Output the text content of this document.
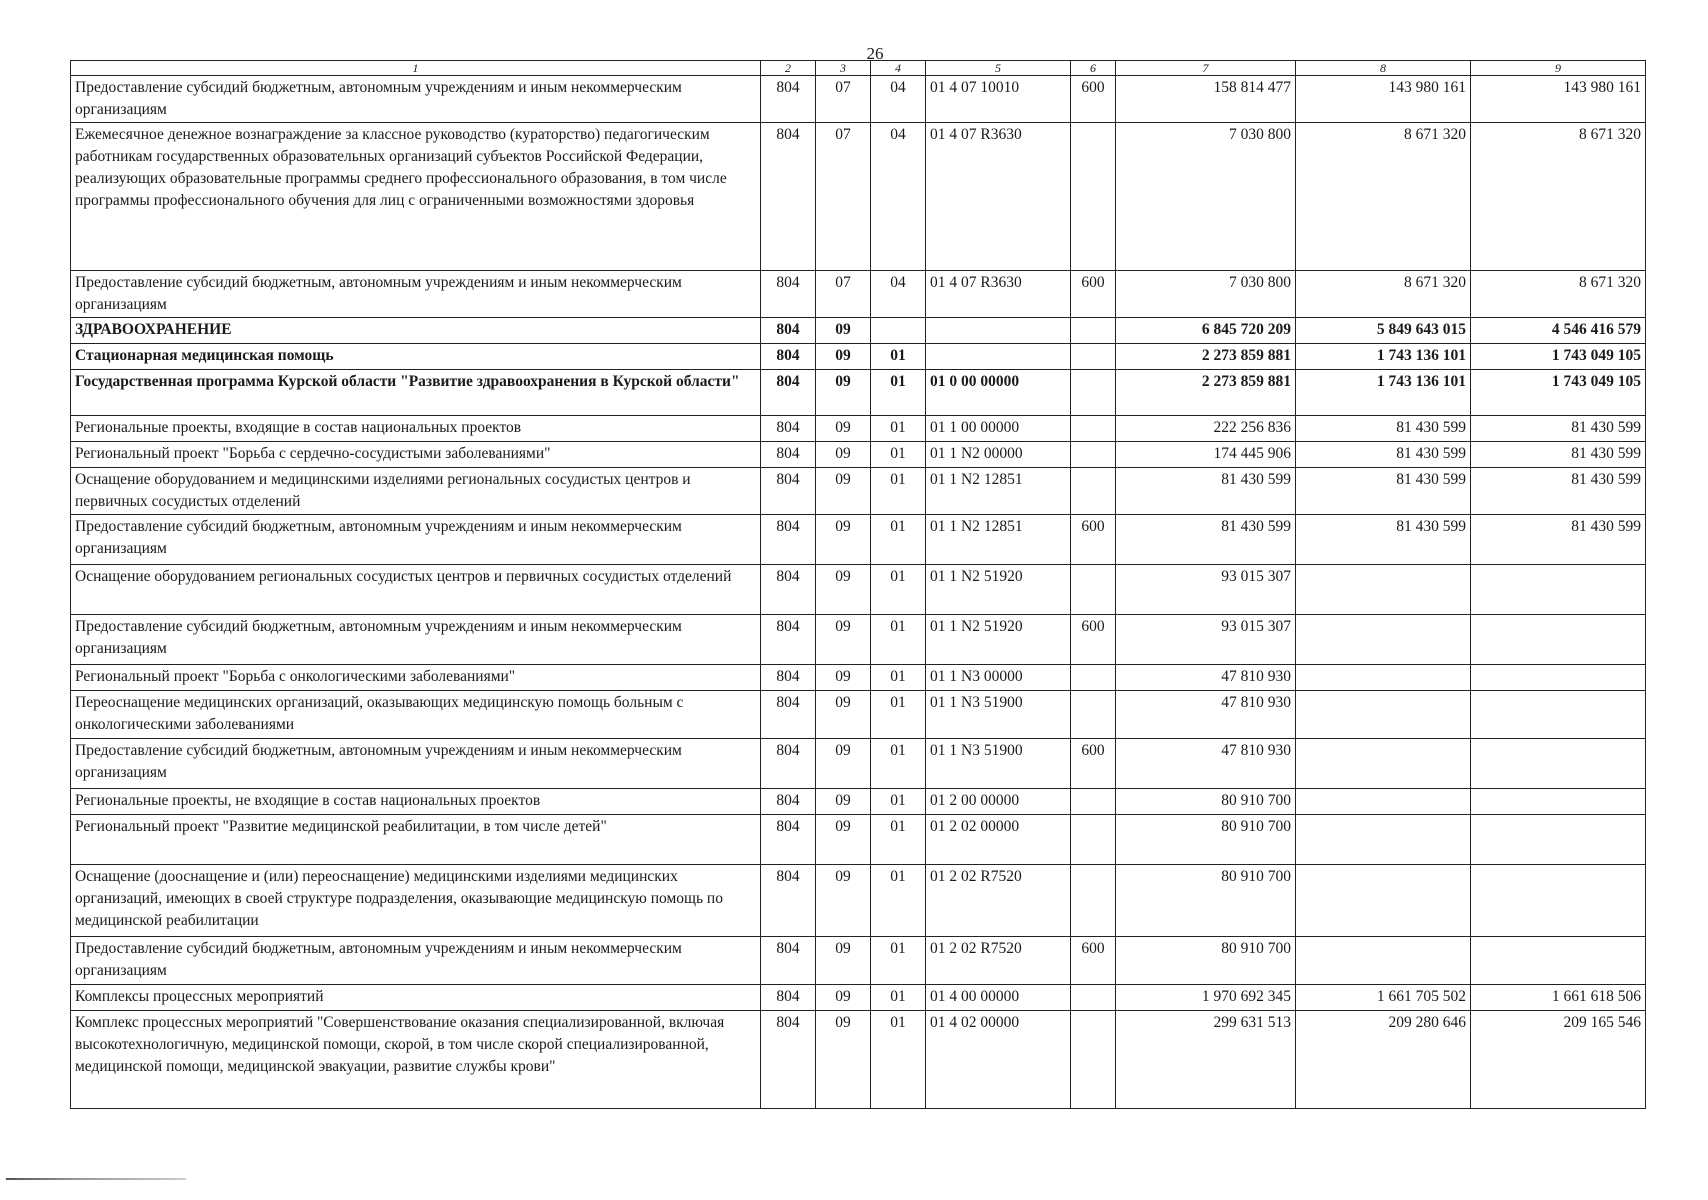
26
1	2	3	4	5	6	7	8	9
Предоставление субсидий бюджетным, автономным учреждениям и иным некоммерческим организациям	804	07	04	01 4 07 10010	600	158 814 477	143 980 161	143 980 161
Ежемесячное денежное вознаграждение за классное руководство (кураторство) педагогическим работникам государственных образовательных организаций субъектов Российской Федерации, реализующих образовательные программы среднего профессионального образования, в том числе программы профессионального обучения для лиц с ограниченными возможностями здоровья	804	07	04	01 4 07 R3630		7 030 800	8 671 320	8 671 320
Предоставление субсидий бюджетным, автономным учреждениям и иным некоммерческим организациям	804	07	04	01 4 07 R3630	600	7 030 800	8 671 320	8 671 320
ЗДРАВООХРАНЕНИЕ	804	09				6 845 720 209	5 849 643 015	4 546 416 579
Стационарная медицинская помощь	804	09	01			2 273 859 881	1 743 136 101	1 743 049 105
Государственная программа Курской области "Развитие здравоохранения в Курской области"	804	09	01	01 0 00 00000		2 273 859 881	1 743 136 101	1 743 049 105
Региональные проекты, входящие в состав национальных проектов	804	09	01	01 1 00 00000		222 256 836	81 430 599	81 430 599
Региональный проект "Борьба с сердечно-сосудистыми заболеваниями"	804	09	01	01 1 N2 00000		174 445 906	81 430 599	81 430 599
Оснащение оборудованием и медицинскими изделиями региональных сосудистых центров и первичных сосудистых отделений	804	09	01	01 1 N2 12851		81 430 599	81 430 599	81 430 599
Предоставление субсидий бюджетным, автономным учреждениям и иным некоммерческим организациям	804	09	01	01 1 N2 12851	600	81 430 599	81 430 599	81 430 599
Оснащение оборудованием региональных сосудистых центров и первичных сосудистых отделений	804	09	01	01 1 N2 51920		93 015 307		
Предоставление субсидий бюджетным, автономным учреждениям и иным некоммерческим организациям	804	09	01	01 1 N2 51920	600	93 015 307		
Региональный проект "Борьба с онкологическими заболеваниями"	804	09	01	01 1 N3 00000		47 810 930		
Переоснащение медицинских организаций, оказывающих медицинскую помощь больным с онкологическими заболеваниями	804	09	01	01 1 N3 51900		47 810 930		
Предоставление субсидий бюджетным, автономным учреждениям и иным некоммерческим организациям	804	09	01	01 1 N3 51900	600	47 810 930		
Региональные проекты, не входящие в состав национальных проектов	804	09	01	01 2 00 00000		80 910 700		
Региональный проект "Развитие медицинской реабилитации, в том числе детей"	804	09	01	01 2 02 00000		80 910 700		
Оснащение (дооснащение и (или) переоснащение) медицинскими изделиями медицинских организаций, имеющих в своей структуре подразделения, оказывающие медицинскую помощь по медицинской реабилитации	804	09	01	01 2 02 R7520		80 910 700		
Предоставление субсидий бюджетным, автономным учреждениям и иным некоммерческим организациям	804	09	01	01 2 02 R7520	600	80 910 700		
Комплексы процессных мероприятий	804	09	01	01 4 00 00000		1 970 692 345	1 661 705 502	1 661 618 506
Комплекс процессных мероприятий "Совершенствование оказания специализированной, включая высокотехнологичную, медицинской помощи, скорой, в том числе скорой специализированной, медицинской помощи, медицинской эвакуации, развитие службы крови"	804	09	01	01 4 02 00000		299 631 513	209 280 646	209 165 546
